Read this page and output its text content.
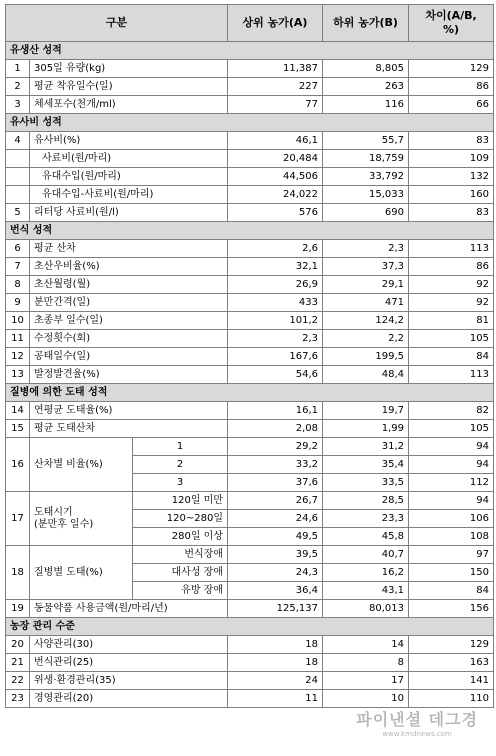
구분			상위 농가(A)	하위 농가(B)	차이(A/B,
%)
유생산 성적					
1	305일 유량(kg)		11,387	8,805	129
2	평균 착유일수(일)		227	263	86
3	체세포수(천개/ml)		77	116	66
유사비 성적					
4	유사비(%)		46,1	55,7	83
	사료비(원/마리)		20,484	18,759	109
	유대수입(원/마리)		44,506	33,792	132
	유대수입-사료비(원/마리)		24,022	15,033	160
5	리터당 사료비(원/l)		576	690	83
번식 성적					
6	평균 산차		2,6	2,3	113
7	초산우비율(%)		32,1	37,3	86
8	초산월령(월)		26,9	29,1	92
9	분만간격(일)		433	471	92
10	초종부 일수(일)		101,2	124,2	81
11	수정횟수(회)		2,3	2,2	105
12	공태일수(일)		167,6	199,5	84
13	발정발견율(%)		54,6	48,4	113
질병에 의한 도태 성적					
14	연평균 도태율(%)		16,1	19,7	82
15	평균 도태산차		2,08	1,99	105
16	산차별 비율(%)	1	29,2	31,2	94
		2	33,2	35,4	94
		3	37,6	33,5	112
17	도태시기
(분만후 일수)	120일 미만	26,7	28,5	94
		120~280일	24,6	23,3	106
		280일 이상	49,5	45,8	108
18	질병별 도태(%)	번식장애	39,5	40,7	97
		대사성 장애	24,3	16,2	150
		유방 장애	36,4	43,1	84
19	동물약품 사용금액(원/마리/년)		125,137	80,013	156
농장 관리 수준					
20	사양관리(30)		18	14	129
21	번식관리(25)		18	8	163
22	위생·환경관리(35)		24	17	141
23	경영관리(20)		11	10	110
파이낸셜 데그경
www.kmdnews.com
